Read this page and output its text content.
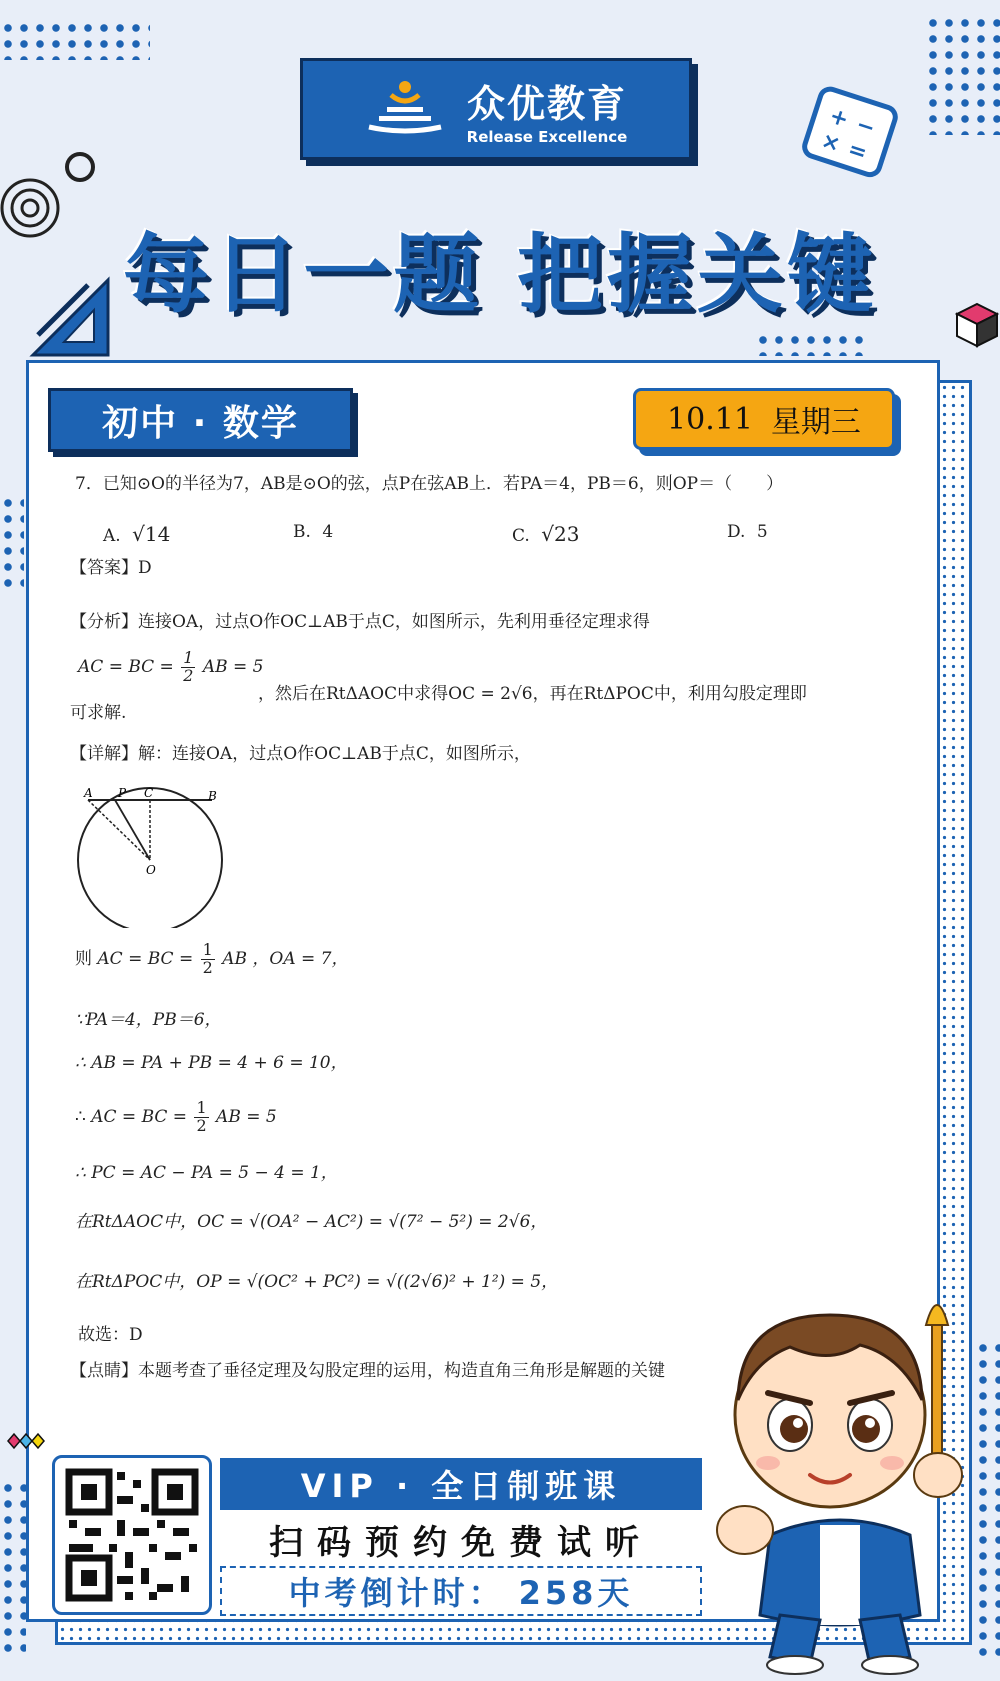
+ −
× =
众优教育
Release Excellence
每日一题 把握关键
初中 · 数学	10.11 星期三
7．已知⊙O的半径为7，AB是⊙O的弦，点P在弦AB上．若PA＝4，PB＝6，则OP＝（　　）
A. √14	B. 4	C. √23	D. 5
【答案】D
【分析】连接OA，过点O作OC⊥AB于点C，如图所示，先利用垂径定理求得
AC = BC = $\frac{1}{2}$ AB = 5
，然后在RtΔAOC中求得OC = 2√6，再在RtΔPOC中，利用勾股定理即
可求解.
【详解】解：连接OA，过点O作OC⊥AB于点C，如图所示，
A P C	B
O
则 AC = BC = $\frac{1}{2}$ AB ，OA = 7，
∵PA＝4，PB＝6，
∴ AB = PA + PB = 4 + 6 = 10，
∴ AC = BC = $\frac{1}{2}$ AB = 5
∴ PC = AC − PA = 5 − 4 = 1，
在RtΔAOC中，OC = √(OA² − AC²) = √(7² − 5²) = 2√6，
在RtΔPOC中，OP = √(OC² + PC²) = √((2√6)² + 1²) = 5，
故选：D
【点睛】本题考查了垂径定理及勾股定理的运用，构造直角三角形是解题的关键
VIP · 全日制班课
扫码预约免费试听
中考倒计时： 258天
